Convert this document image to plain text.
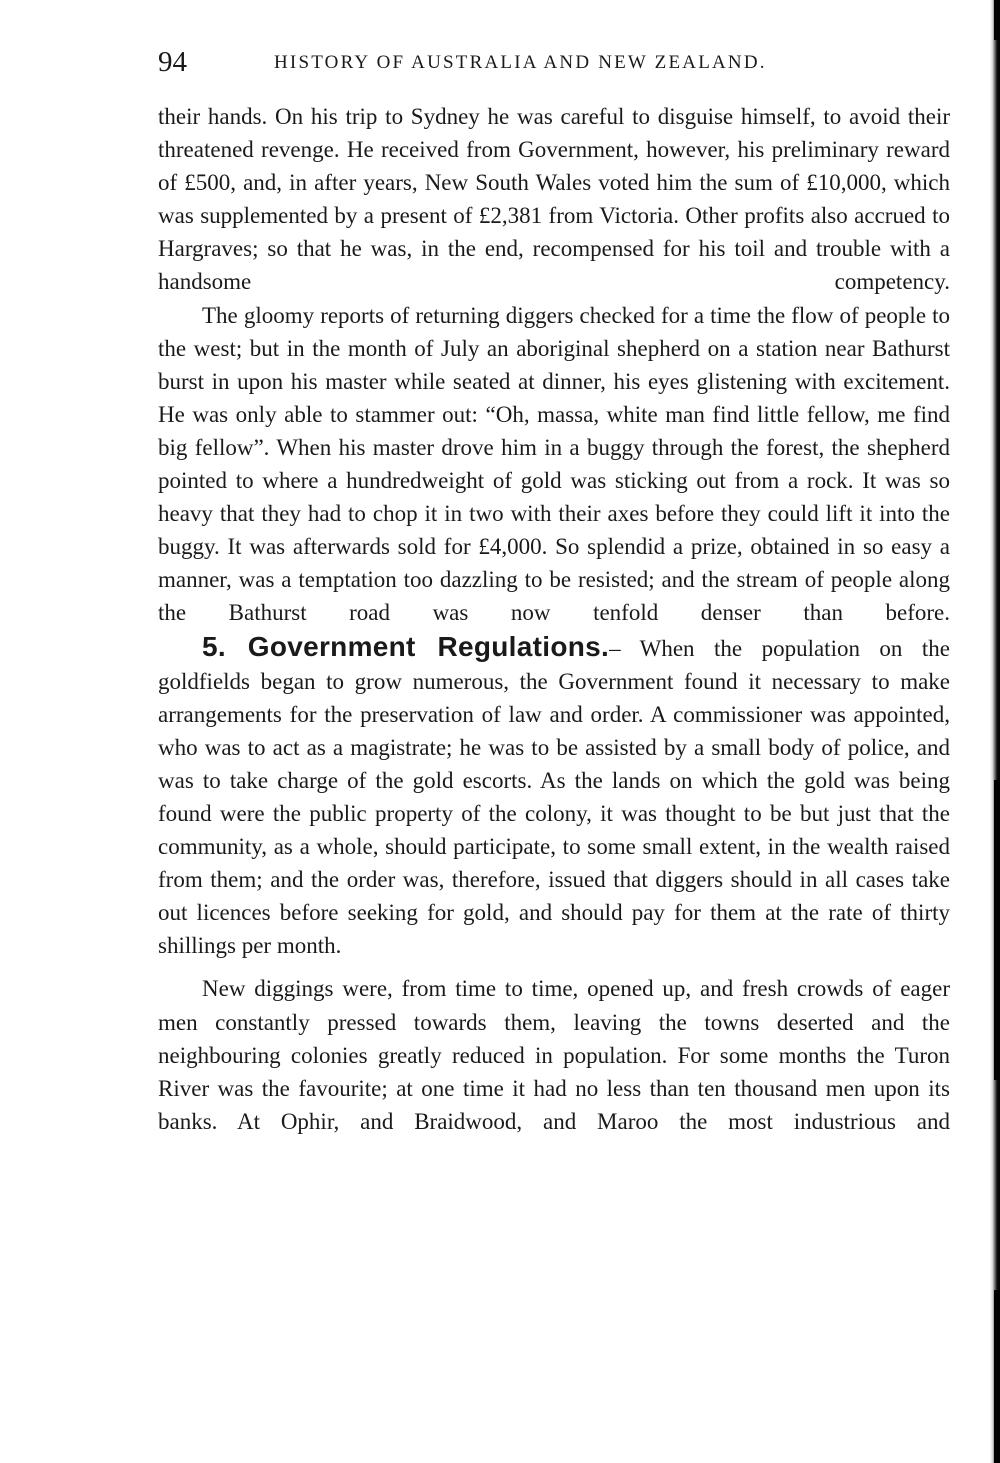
94	HISTORY OF AUSTRALIA AND NEW ZEALAND.

their hands. On his trip to Sydney he was careful to disguise himself, to avoid their threatened revenge. He received from Government, however, his preliminary reward of £500, and, in after years, New South Wales voted him the sum of £10,000, which was supplemented by a present of £2,381 from Victoria. Other profits also accrued to Hargraves; so that he was, in the end, recompensed for his toil and trouble with a handsome competency.

The gloomy reports of returning diggers checked for a time the flow of people to the west; but in the month of July an aboriginal shepherd on a station near Bathurst burst in upon his master while seated at dinner, his eyes glistening with excitement. He was only able to stammer out: “Oh, massa, white man find little fellow, me find big fellow”. When his master drove him in a buggy through the forest, the shepherd pointed to where a hundredweight of gold was sticking out from a rock. It was so heavy that they had to chop it in two with their axes before they could lift it into the buggy. It was afterwards sold for £4,000. So splendid a prize, obtained in so easy a manner, was a temptation too dazzling to be resisted; and the stream of people along the Bathurst road was now tenfold denser than before.

5. Government Regulations.– When the population on the goldfields began to grow numerous, the Government found it necessary to make arrangements for the preservation of law and order. A commissioner was appointed, who was to act as a magistrate; he was to be assisted by a small body of police, and was to take charge of the gold escorts. As the lands on which the gold was being found were the public property of the colony, it was thought to be but just that the community, as a whole, should participate, to some small extent, in the wealth raised from them; and the order was, therefore, issued that diggers should in all cases take out licences before seeking for gold, and should pay for them at the rate of thirty shillings per month.

New diggings were, from time to time, opened up, and fresh crowds of eager men constantly pressed towards them, leaving the towns deserted and the neighbouring colonies greatly reduced in population. For some months the Turon River was the favourite; at one time it had no less than ten thousand men upon its banks. At Ophir, and Braidwood, and Maroo the most industrious and
